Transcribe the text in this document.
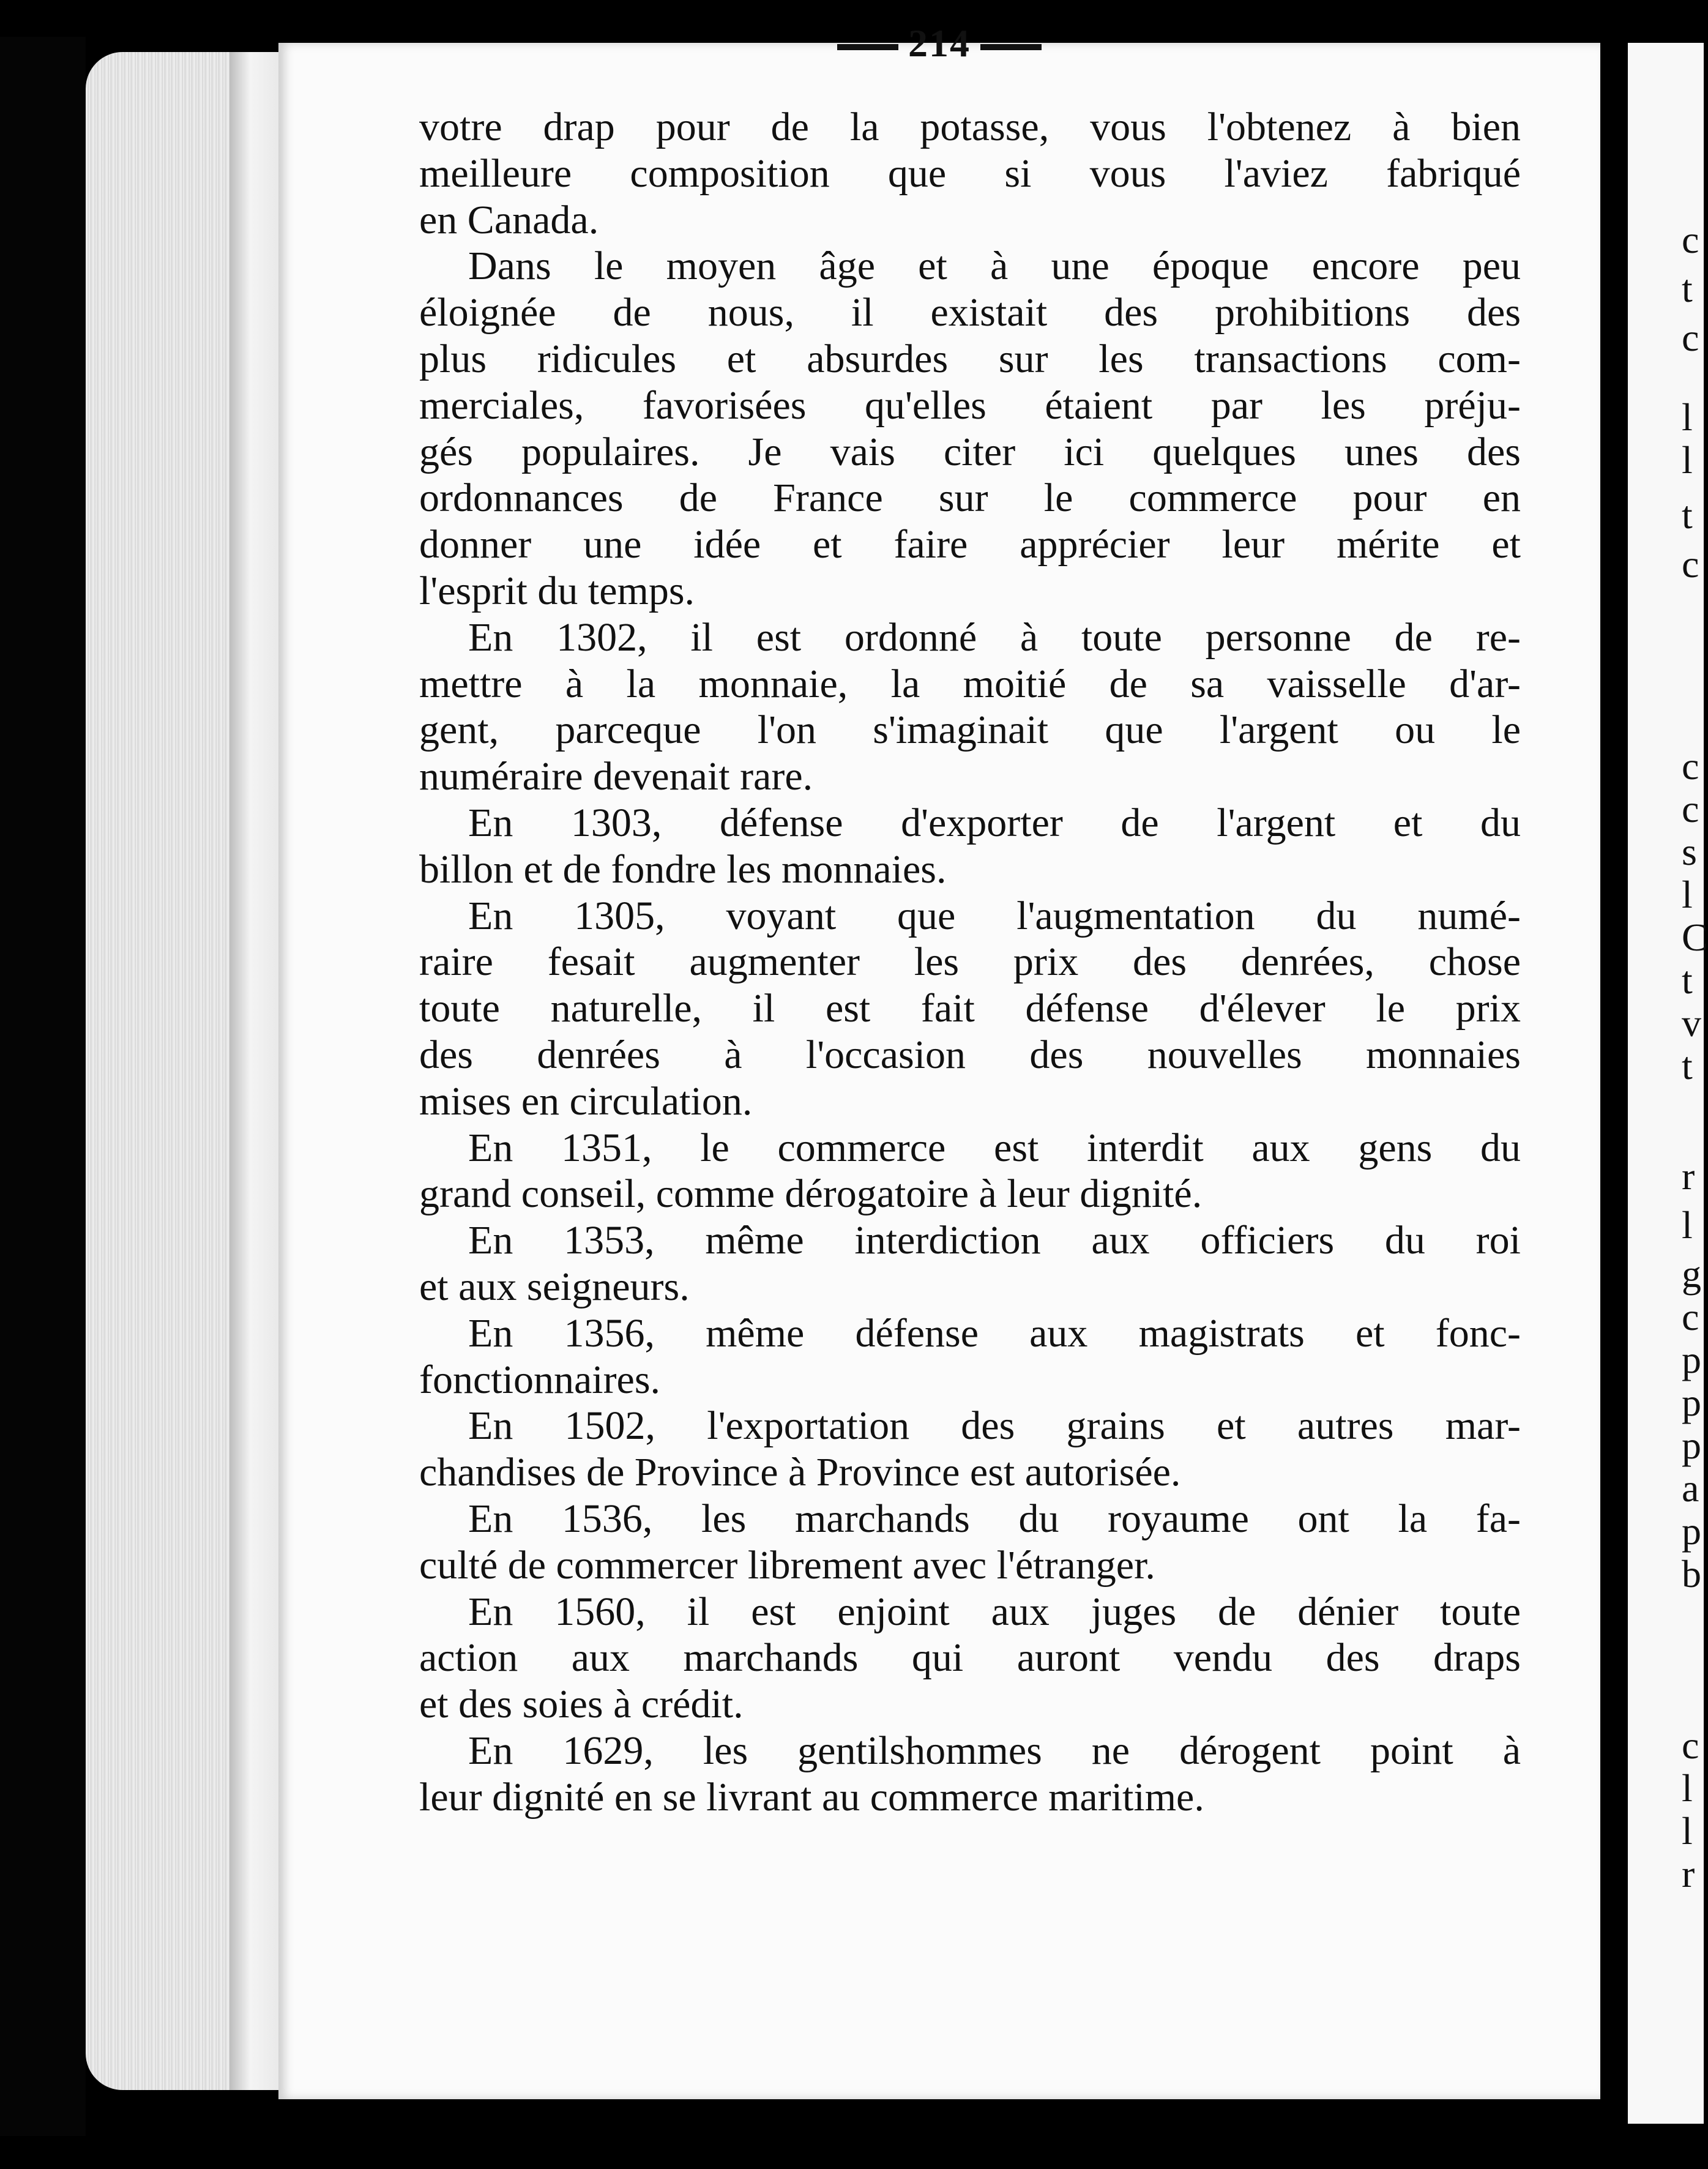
214
votre drap pour de la potasse, vous l'obtenez à bien
meilleure composition que si vous l'aviez fabriqué
en Canada.
Dans le moyen âge et à une époque encore peu
éloignée de nous, il existait des prohibitions des
plus ridicules et absurdes sur les transactions com-
merciales, favorisées qu'elles étaient par les préju-
gés populaires. Je vais citer ici quelques unes des
ordonnances de France sur le commerce pour en
donner une idée et faire apprécier leur mérite et
l'esprit du temps.
En 1302, il est ordonné à toute personne de re-
mettre à la monnaie, la moitié de sa vaisselle d'ar-
gent, parceque l'on s'imaginait que l'argent ou le
numéraire devenait rare.
En 1303, défense d'exporter de l'argent et du
billon et de fondre les monnaies.
En 1305, voyant que l'augmentation du numé-
raire fesait augmenter les prix des denrées, chose
toute naturelle, il est fait défense d'élever le prix
des denrées à l'occasion des nouvelles monnaies
mises en circulation.
En 1351, le commerce est interdit aux gens du
grand conseil, comme dérogatoire à leur dignité.
En 1353, même interdiction aux officiers du roi
et aux seigneurs.
En 1356, même défense aux magistrats et fonc-
fonctionnaires.
En 1502, l'exportation des grains et autres mar-
chandises de Province à Province est autorisée.
En 1536, les marchands du royaume ont la fa-
culté de commercer librement avec l'étranger.
En 1560, il est enjoint aux juges de dénier toute
action aux marchands qui auront vendu des draps
et des soies à crédit.
En 1629, les gentilshommes ne dérogent point à
leur dignité en se livrant au commerce maritime.
c
t
c
l
l
t
c
c
c
s
l
C
t
v
t
r
l
g
c
p
p
p
a
p
b
c
l
l
r
